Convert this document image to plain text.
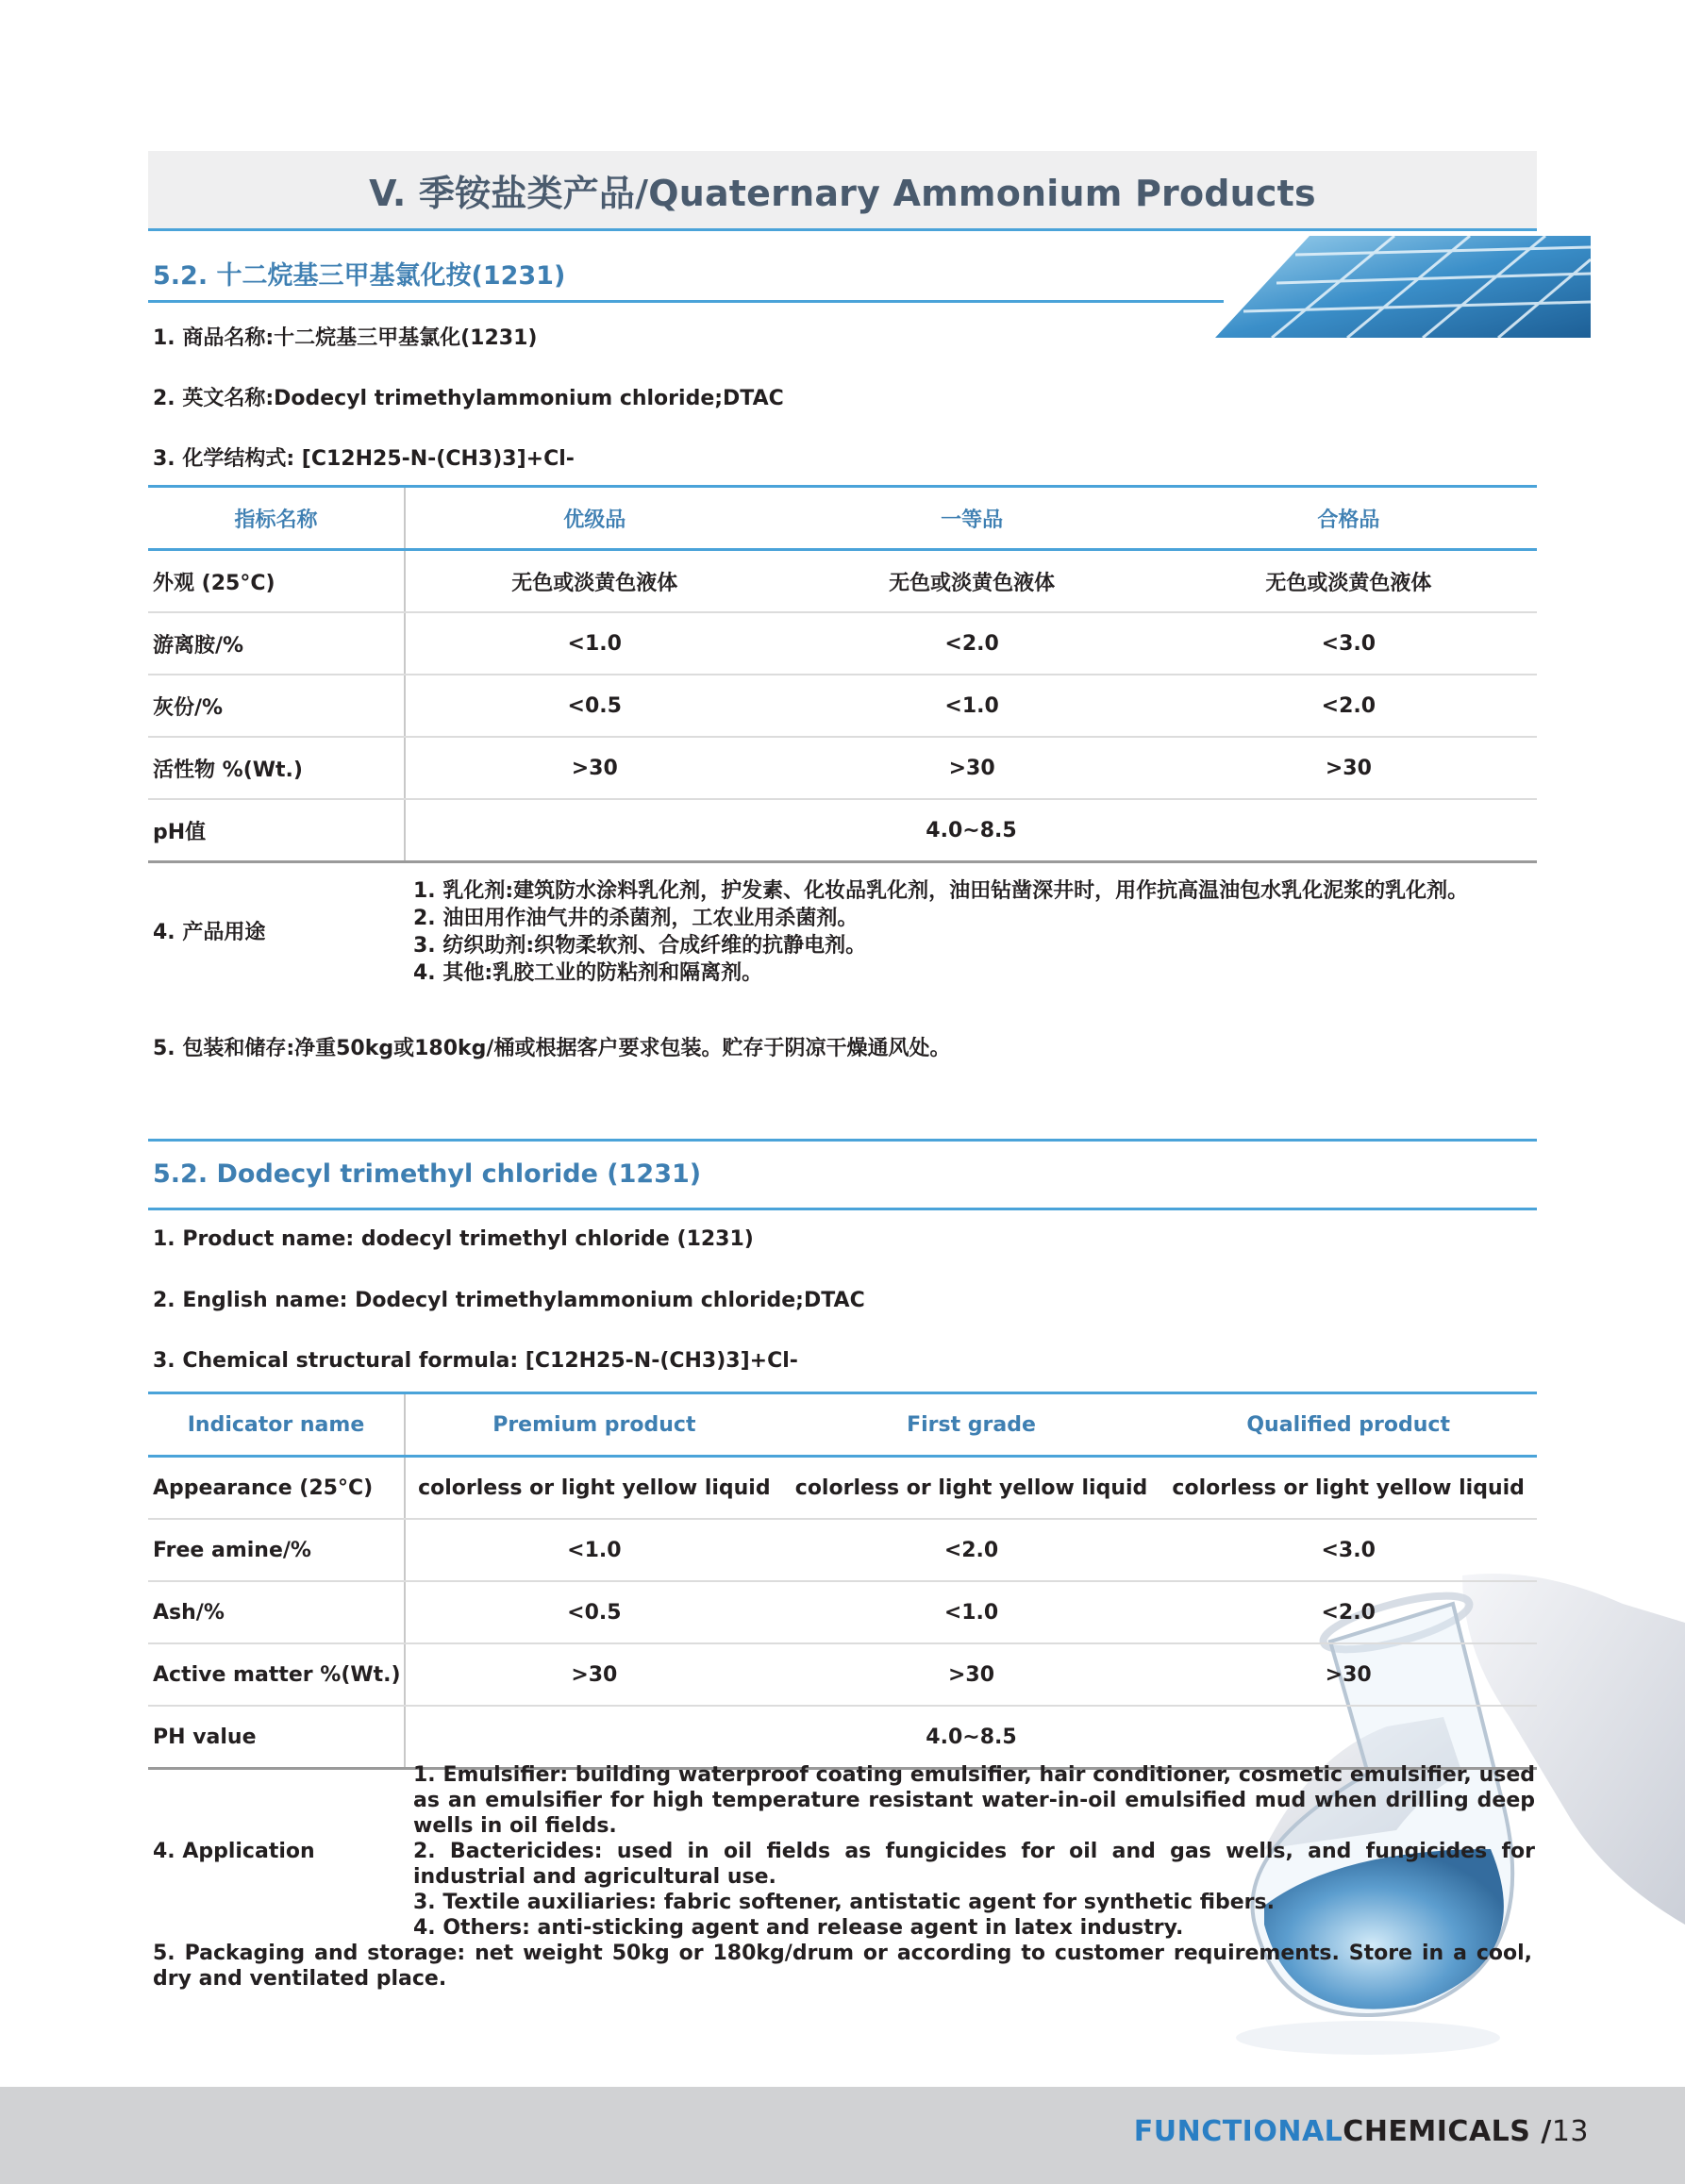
V. 季铵盐类产品/Quaternary Ammonium Products
5.2. 十二烷基三甲基氯化按(1231)
1. 商品名称:十二烷基三甲基氯化(1231)
2. 英文名称:Dodecyl trimethylammonium chloride;DTAC
3. 化学结构式: [C12H25-N-(CH3)3]+Cl-
指标名称	优级品	一等品	合格品
外观 (25°C)	无色或淡黄色液体	无色或淡黄色液体	无色或淡黄色液体
游离胺/%	<1.0	<2.0	<3.0
灰份/%	<0.5	<1.0	<2.0
活性物 %(Wt.)	>30	>30	>30
pH值	4.0~8.5		
4. 产品用途
1. 乳化剂:建筑防水涂料乳化剂，护发素、化妆品乳化剂，油田钻凿深井时，用作抗高温油包水乳化泥浆的乳化剂。
2. 油田用作油气井的杀菌剂，工农业用杀菌剂。
3. 纺织助剂:织物柔软剂、合成纤维的抗静电剂。
4. 其他:乳胶工业的防粘剂和隔离剂。
5. 包装和储存:净重50kg或180kg/桶或根据客户要求包装。贮存于阴凉干燥通风处。
5.2. Dodecyl trimethyl chloride (1231)
1. Product name: dodecyl trimethyl chloride (1231)
2. English name: Dodecyl trimethylammonium chloride;DTAC
3. Chemical structural formula: [C12H25-N-(CH3)3]+Cl-
Indicator name	Premium product	First grade	Qualified product
Appearance (25°C)	colorless or light yellow liquid	colorless or light yellow liquid	colorless or light yellow liquid
Free amine/%	<1.0	<2.0	<3.0
Ash/%	<0.5	<1.0	<2.0
Active matter %(Wt.)	>30	>30	>30
PH value	4.0~8.5		
4. Application
1. Emulsifier: building waterproof coating emulsifier, hair conditioner, cosmetic emulsifier, used as an emulsifier for high temperature resistant water-in-oil emulsified mud when drilling deep wells in oil fields.
2. Bactericides: used in oil fields as fungicides for oil and gas wells, and fungicides for industrial and agricultural use.
3. Textile auxiliaries: fabric softener, antistatic agent for synthetic fibers.
4. Others: anti-sticking agent and release agent in latex industry.
5. Packaging and storage: net weight 50kg or 180kg/drum or according to customer requirements. Store in a cool, dry and ventilated place.
FUNCTIONALCHEMICALS /13
